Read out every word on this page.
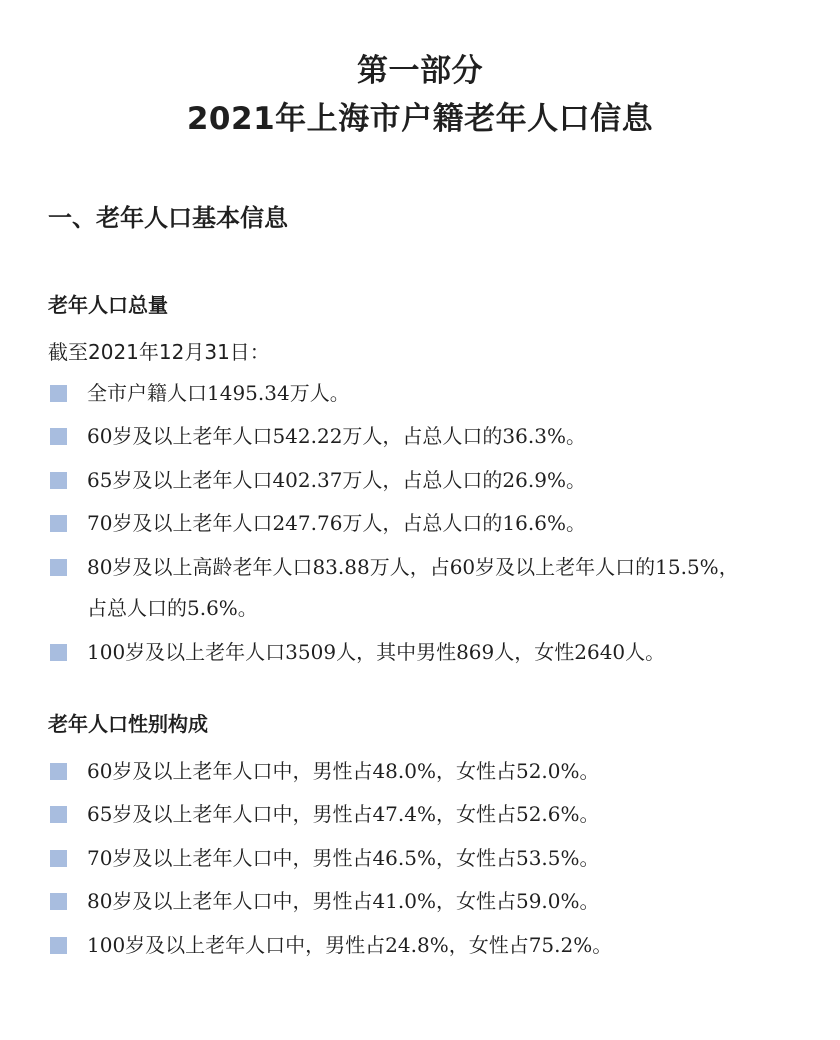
第一部分
2021年上海市户籍老年人口信息
一、老年人口基本信息
老年人口总量
截至2021年12月31日：
全市户籍人口1495.34万人。
60岁及以上老年人口542.22万人，占总人口的36.3%。
65岁及以上老年人口402.37万人，占总人口的26.9%。
70岁及以上老年人口247.76万人，占总人口的16.6%。
80岁及以上高龄老年人口83.88万人，占60岁及以上老年人口的15.5%，
占总人口的5.6%。
100岁及以上老年人口3509人，其中男性869人，女性2640人。
老年人口性别构成
60岁及以上老年人口中，男性占48.0%，女性占52.0%。
65岁及以上老年人口中，男性占47.4%，女性占52.6%。
70岁及以上老年人口中，男性占46.5%，女性占53.5%。
80岁及以上老年人口中，男性占41.0%，女性占59.0%。
100岁及以上老年人口中，男性占24.8%，女性占75.2%。
